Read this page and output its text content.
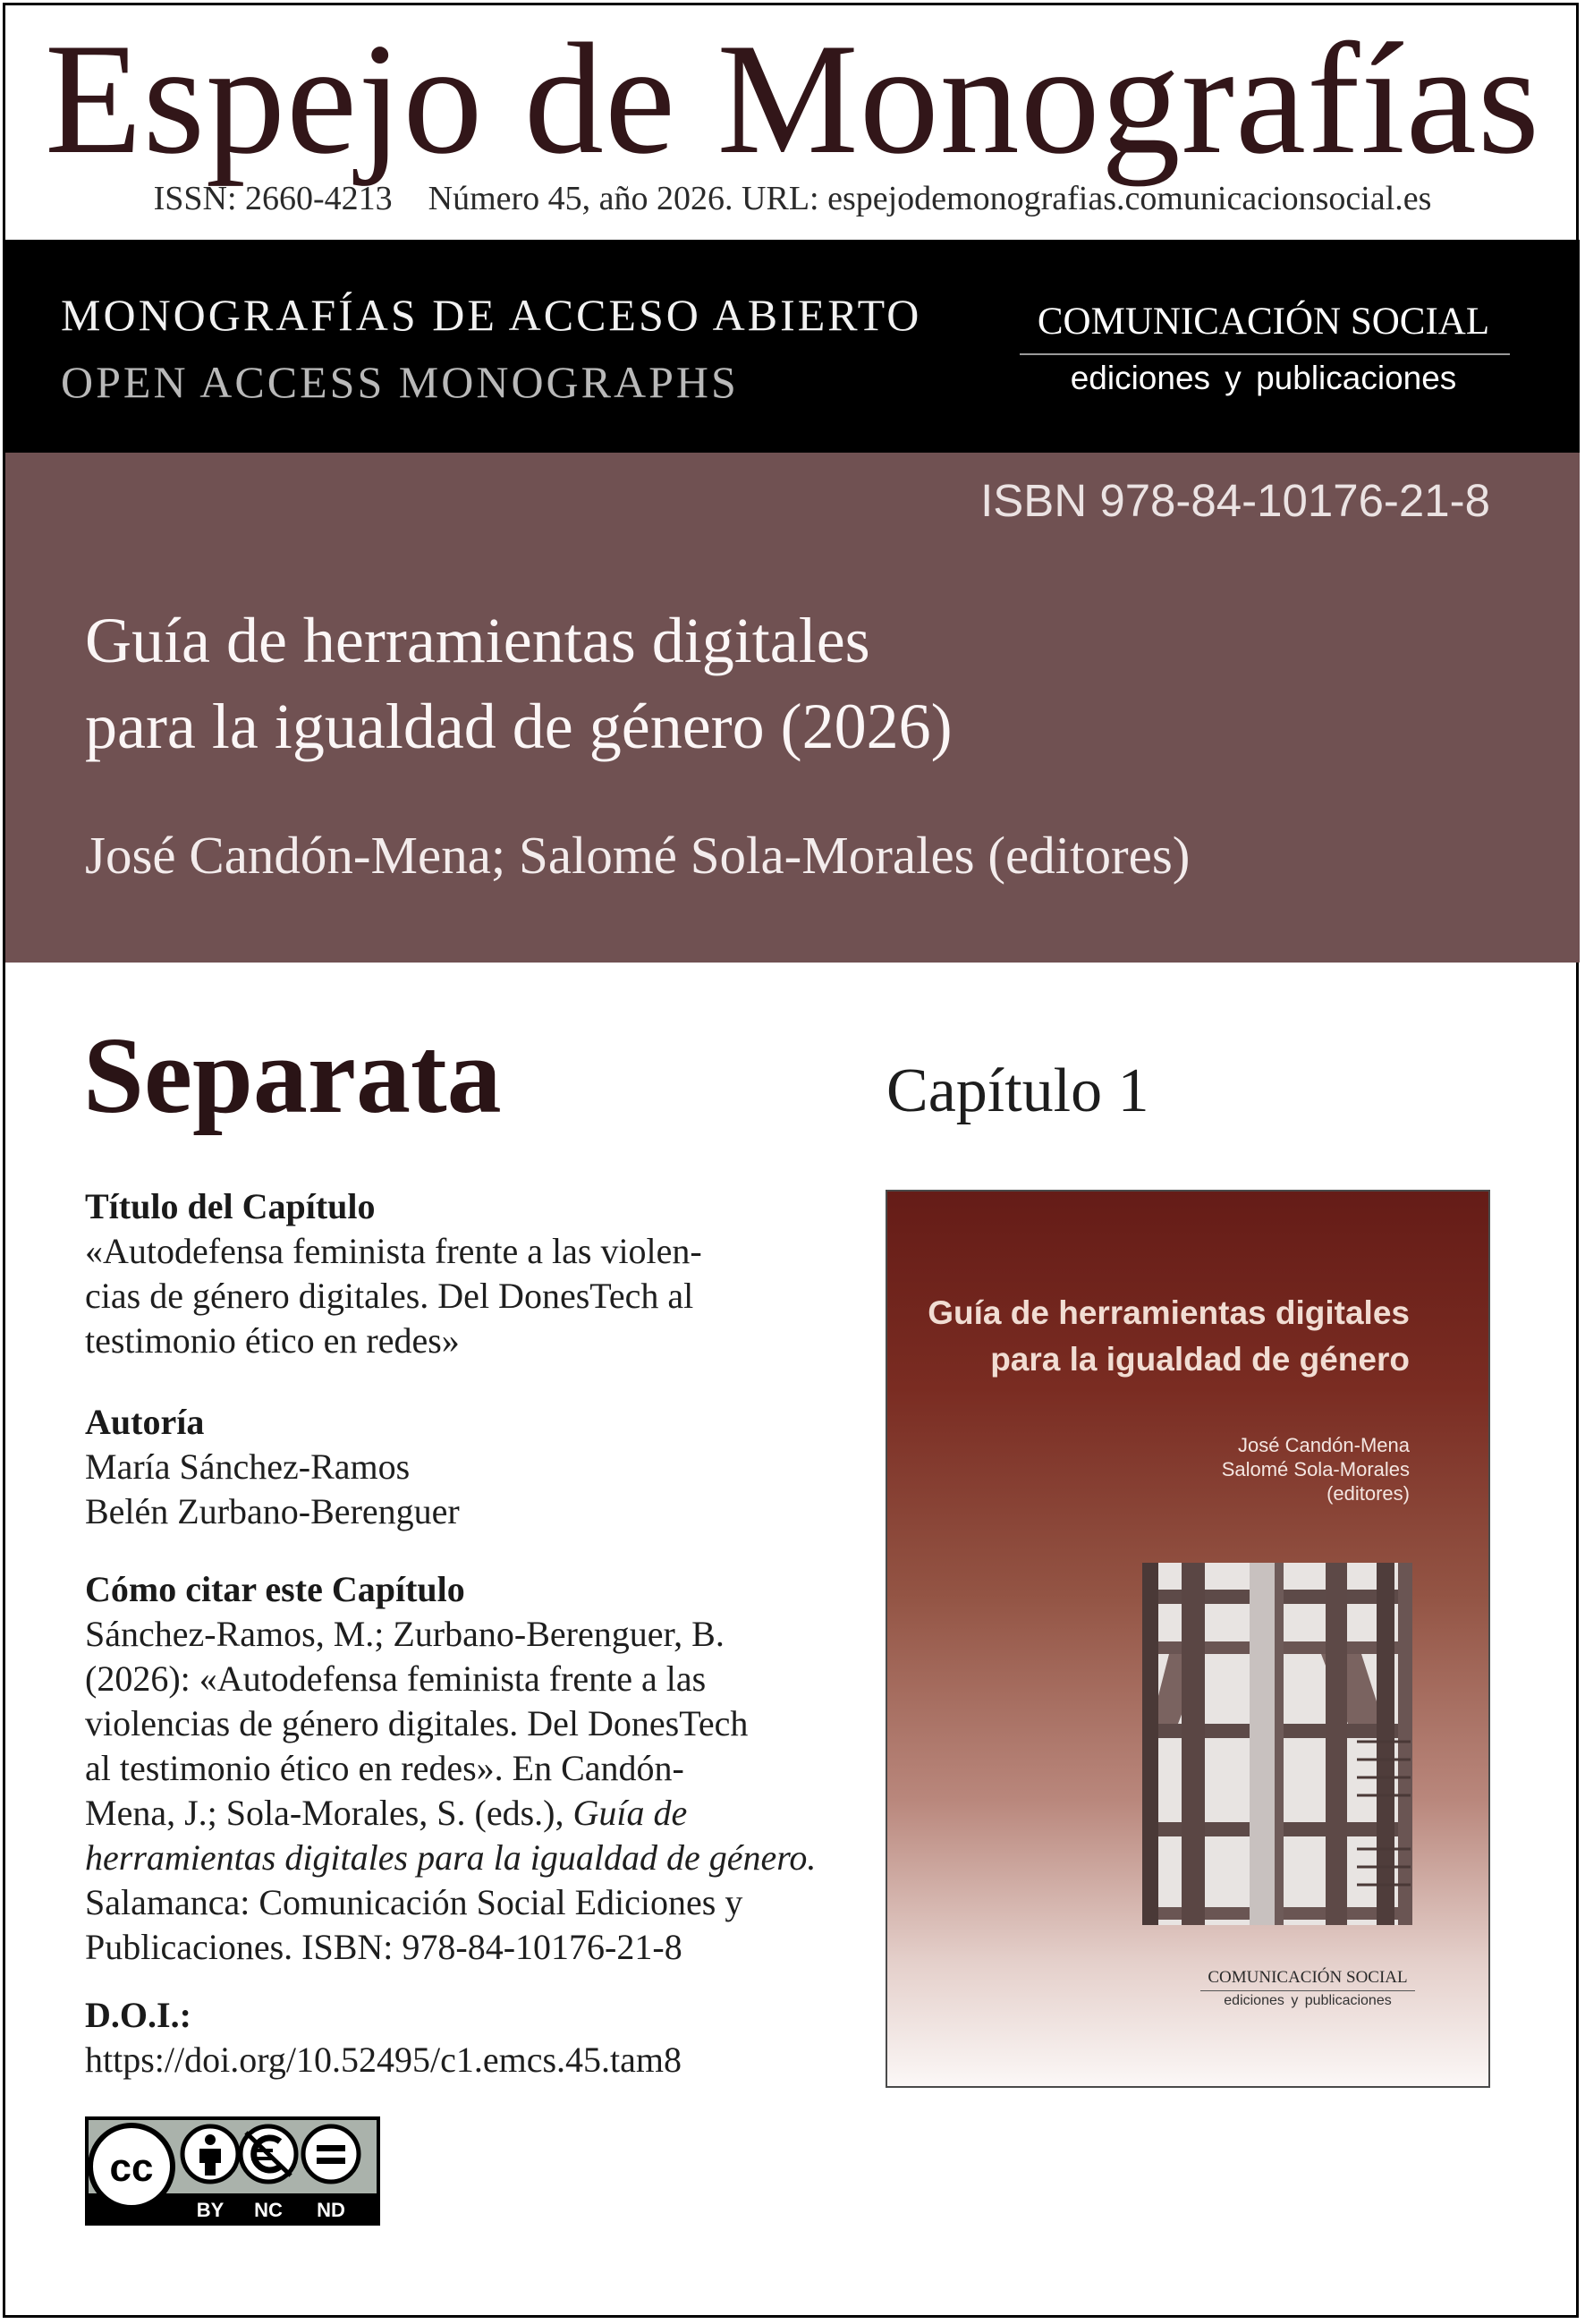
Espejo de Monografías
ISSN: 2660-4213 Número 45, año 2026. URL: espejodemonografias.comunicacionsocial.es
MONOGRAFÍAS DE ACCESO ABIERTO
OPEN ACCESS MONOGRAPHS
COMUNICACIÓN SOCIAL
ediciones y publicaciones
ISBN 978-84-10176-21-8
Guía de herramientas digitales
para la igualdad de género (2026)
José Candón-Mena; Salomé Sola-Morales (editores)
Separata	Capítulo 1
Título del Capítulo
«Autodefensa feminista frente a las violen-
cias de género digitales. Del DonesTech al
testimonio ético en redes»
Autoría
María Sánchez-Ramos
Belén Zurbano-Berenguer
Cómo citar este Capítulo
Sánchez-Ramos, M.; Zurbano-Berenguer, B.
(2026): «Autodefensa feminista frente a las
violencias de género digitales. Del DonesTech
al testimonio ético en redes». En Candón-
Mena, J.; Sola-Morales, S. (eds.), Guía de
herramientas digitales para la igualdad de género.
Salamanca: Comunicación Social Ediciones y
Publicaciones. ISBN: 978-84-10176-21-8
D.O.I.:
https://doi.org/10.52495/c1.emcs.45.tam8
cc
BY NC ND
Guía de herramientas digitales
para la igualdad de género
José Candón-Mena
Salomé Sola-Morales
(editores)
COMUNICACIÓN SOCIAL
ediciones y publicaciones
